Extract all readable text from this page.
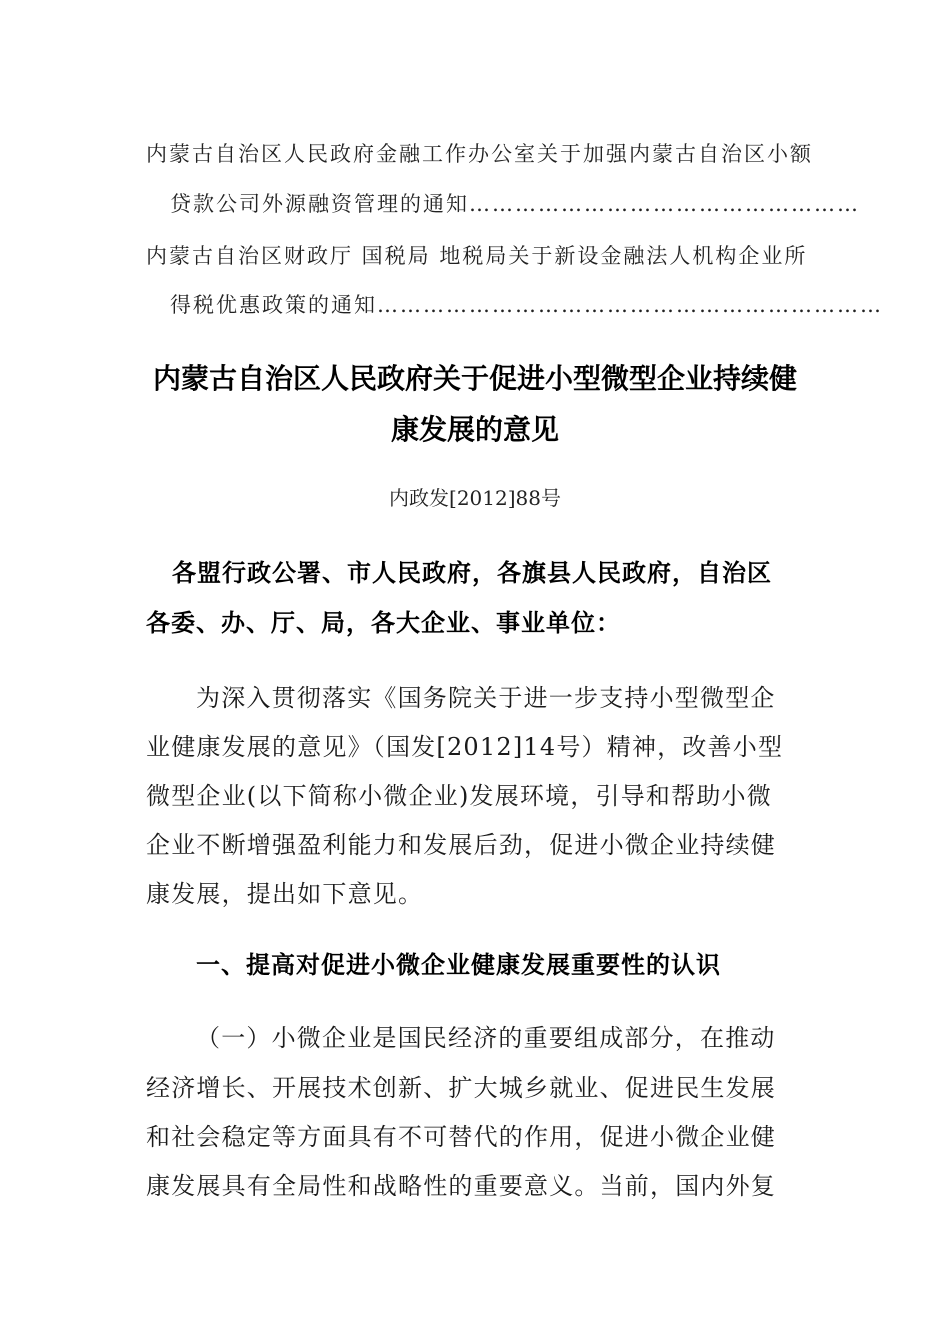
内蒙古自治区人民政府金融工作办公室关于加强内蒙古自治区小额
贷款公司外源融资管理的通知……………………………………………
内蒙古自治区财政厅 国税局 地税局关于新设金融法人机构企业所
得税优惠政策的通知…………………………………………………………
内蒙古自治区人民政府关于促进小型微型企业持续健
康发展的意见
内政发[2012]88号
各盟行政公署、市人民政府，各旗县人民政府，自治区
各委、办、厅、局，各大企业、事业单位：
为深入贯彻落实《国务院关于进一步支持小型微型企
业健康发展的意见》（国发[2012]14号）精神，改善小型
微型企业(以下简称小微企业)发展环境，引导和帮助小微
企业不断增强盈利能力和发展后劲，促进小微企业持续健
康发展，提出如下意见。
一、提高对促进小微企业健康发展重要性的认识
（一）小微企业是国民经济的重要组成部分，在推动
经济增长、开展技术创新、扩大城乡就业、促进民生发展
和社会稳定等方面具有不可替代的作用，促进小微企业健
康发展具有全局性和战略性的重要意义。当前，国内外复
